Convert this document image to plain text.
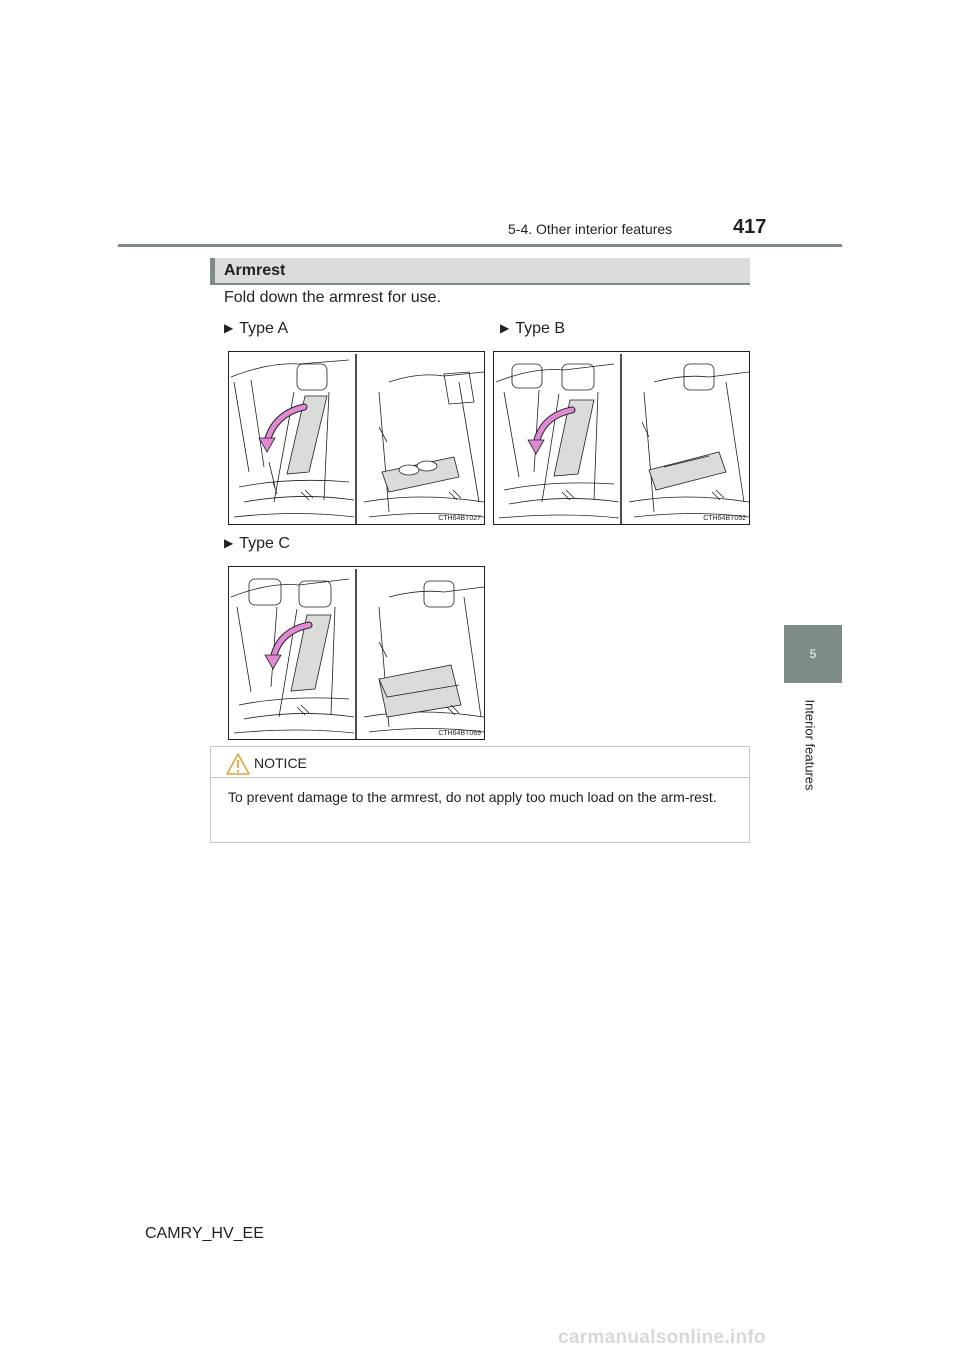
5-4. Other interior features	417
5
Interior features
Armrest
Fold down the armrest for use.
▶ Type A	▶ Type B
▶ Type C
CTH64BT027	CTH64BT052
CTH64BT069
NOTICE
To prevent damage to the armrest, do not apply too much load on the arm-rest.
CAMRY_HV_EE
carmanualsonline.info
